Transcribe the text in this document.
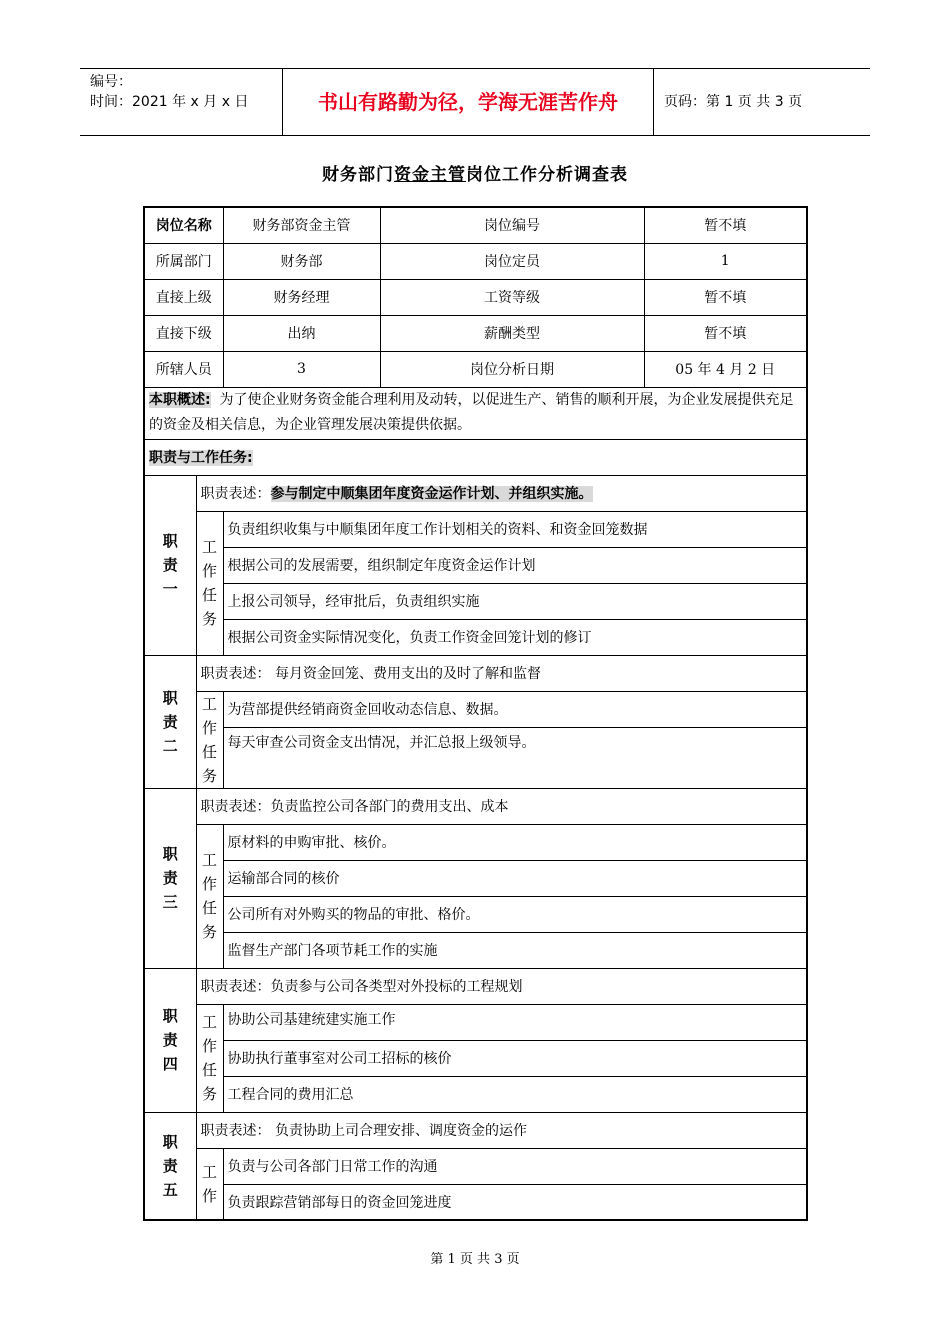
编号：
时间：2021 年 x 月 x 日	书山有路勤为径，学海无涯苦作舟	页码：第 1 页 共 3 页
财务部门资金主管岗位工作分析调查表
岗位名称		财务部资金主管	岗位编号	暂不填
所属部门		财务部	岗位定员	1
直接上级		财务经理	工资等级	暂不填
直接下级		出纳	薪酬类型	暂不填
所辖人员		3	岗位分析日期	05 年 4 月 2 日
本职概述: 为了使企业财务资金能合理利用及动转，以促进生产、销售的顺利开展，为企业发展提供充足的资金及相关信息，为企业管理发展决策提供依据。				
职责与工作任务:				

职责一	职责表述：参与制定中顺集团年度资金运作计划、并组织实施。			

	工作任务	负责组织收集与中顺集团年度工作计划相关的资料、和资金回笼数据		
		根据公司的发展需要，组织制定年度资金运作计划		
		上报公司领导，经审批后，负责组织实施		
		根据公司资金实际情况变化，负责工作资金回笼计划的修订		

职责二	职责表述： 每月资金回笼、费用支出的及时了解和监督			

	工作任务	为营部提供经销商资金回收动态信息、数据。		
		每天审查公司资金支出情况，并汇总报上级领导。		

职责三	职责表述：负责监控公司各部门的费用支出、成本			

	工作任务	原材料的申购审批、核价。		
		运输部合同的核价		
		公司所有对外购买的物品的审批、格价。		
		监督生产部门各项节耗工作的实施		

职责四	职责表述：负责参与公司各类型对外投标的工程规划			

	工作任务	协助公司基建统建实施工作		
		协助执行董事室对公司工招标的核价		
		工程合同的费用汇总		

职责五	职责表述： 负责协助上司合理安排、调度资金的运作			

	工作	负责与公司各部门日常工作的沟通		
		负责跟踪营销部每日的资金回笼进度		
第 1 页 共 3 页
